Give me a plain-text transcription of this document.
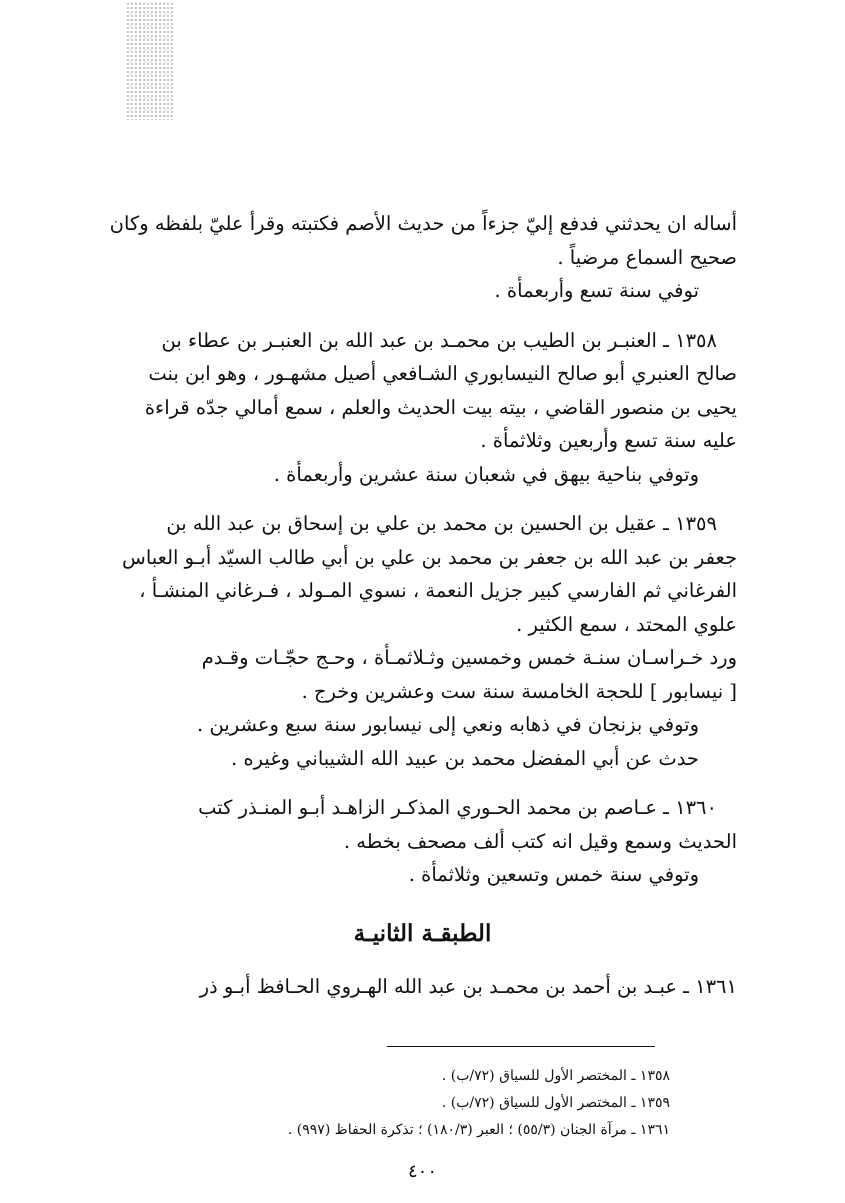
أساله ان يحدثني فدفع إليّ جزءاً من حديث الأصم فكتبته وقرأ عليّ بلفظه وكان
صحيح السماع مرضياً .
توفي سنة تسع وأربعمأة .
١٣٥٨ ـ العنبـر بن الطيب بن محمـد بن عبد الله بن العنبـر بن عطاء بن
صالح العنبري أبو صالح النيسابوري الشـافعي أصيل مشهـور ، وهو ابن بنت
يحيى بن منصور القاضي ، بيته بيت الحديث والعلم ، سمع أمالي جدّه قراءة
عليه سنة تسع وأربعين وثلاثمأة .
وتوفي بناحية بيهق في شعبان سنة عشرين وأربعمأة .
١٣٥٩ ـ عقيل بن الحسين بن محمد بن علي بن إسحاق بن عبد الله بن
جعفر بن عبد الله بن جعفر بن محمد بن علي بن أبي طالب السيّد أبـو العباس
الفرغاني ثم الفارسي كبير جزيل النعمة ، نسوي المـولد ، فـرغاني المنشـأ ،
علوي المحتد ، سمع الكثير .
ورد خـراسـان سنـة خمس وخمسين وثـلاثمـأة ، وحـج حجّـات وقـدم
[ نيسابور ] للحجة الخامسة سنة ست وعشرين وخرج .
وتوفي بزنجان في ذهابه ونعي إلى نيسابور سنة سبع وعشرين .
حدث عن أبي المفضل محمد بن عبيد الله الشيباني وغيره .
١٣٦٠ ـ عـاصم بن محمد الحـوري المذكـر الزاهـد أبـو المنـذر كتب
الحديث وسمع وقيل انه كتب ألف مصحف بخطه .
وتوفي سنة خمس وتسعين وثلاثمأة .
الطبقـة الثانيـة
١٣٦١ ـ عبـد بن أحمد بن محمـد بن عبد الله الهـروي الحـافظ أبـو ذر
١٣٥٨ ـ المختصر الأول للسياق (٧٢/ب) .
١٣٥٩ ـ المختصر الأول للسياق (٧٢/ب) .
١٣٦١ ـ مرآة الجنان (٥٥/٣) ؛ العبر (١٨٠/٣) ؛ تذكرة الحفاظ (٩٩٧) .
٤٠٠
